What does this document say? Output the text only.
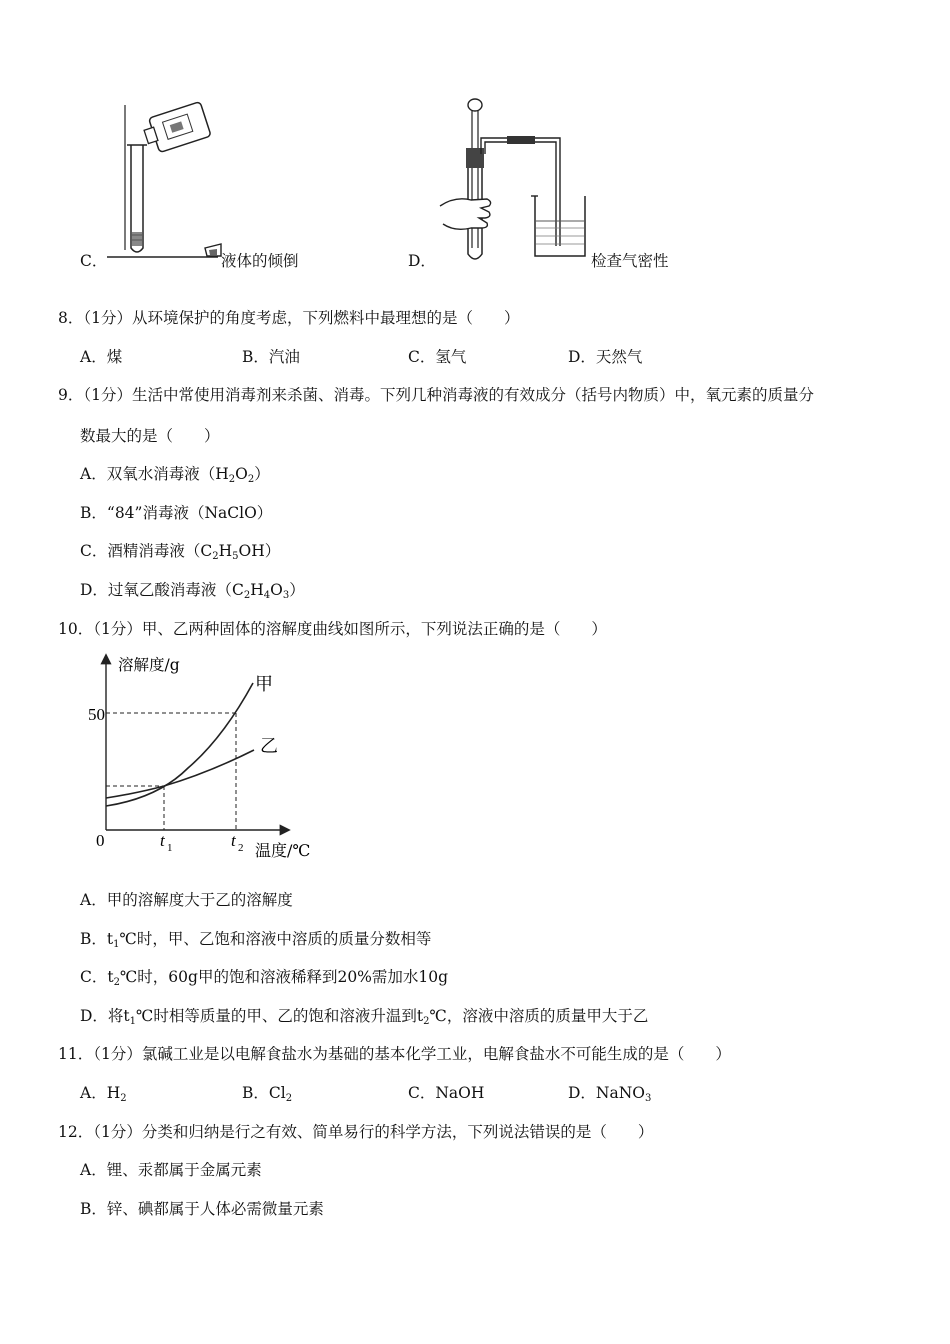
C．	液体的倾倒	D．	检查气密性
8．（1分）从环境保护的角度考虑，下列燃料中最理想的是（　　）
A．煤	B．汽油	C．氢气	D．天然气
9．（1分）生活中常使用消毒剂来杀菌、消毒。下列几种消毒液的有效成分（括号内物质）中，氧元素的质量分
数最大的是（　　）
A．双氧水消毒液$(H_2O_2)$
B．“84”消毒液（NaClO）
C．酒精消毒液$(C_2H_5OH)$
D．过氧乙酸消毒液$(C_2H_4O_3)$
10．（1分）甲、乙两种固体的溶解度曲线如图所示，下列说法正确的是（　　）
溶解度/g
50
0	t 1	t 2 温度/℃
甲
乙
A．甲的溶解度大于乙的溶解度
B．$t_1℃$时，甲、乙饱和溶液中溶质的质量分数相等
C．$t_2℃$时，60g甲的饱和溶液稀释到20%需加水10g
D．将$t_1℃$时相等质量的甲、乙的饱和溶液升温到$t_2℃$，溶液中溶质的质量甲大于乙
11．（1分）氯碱工业是以电解食盐水为基础的基本化学工业，电解食盐水不可能生成的是（　　）
A．$H_2$	B．$Cl_2$	C．NaOH	D．NaNO$_3$
12．（1分）分类和归纳是行之有效、简单易行的科学方法，下列说法错误的是（　　）
A．锂、汞都属于金属元素
B．锌、碘都属于人体必需微量元素
